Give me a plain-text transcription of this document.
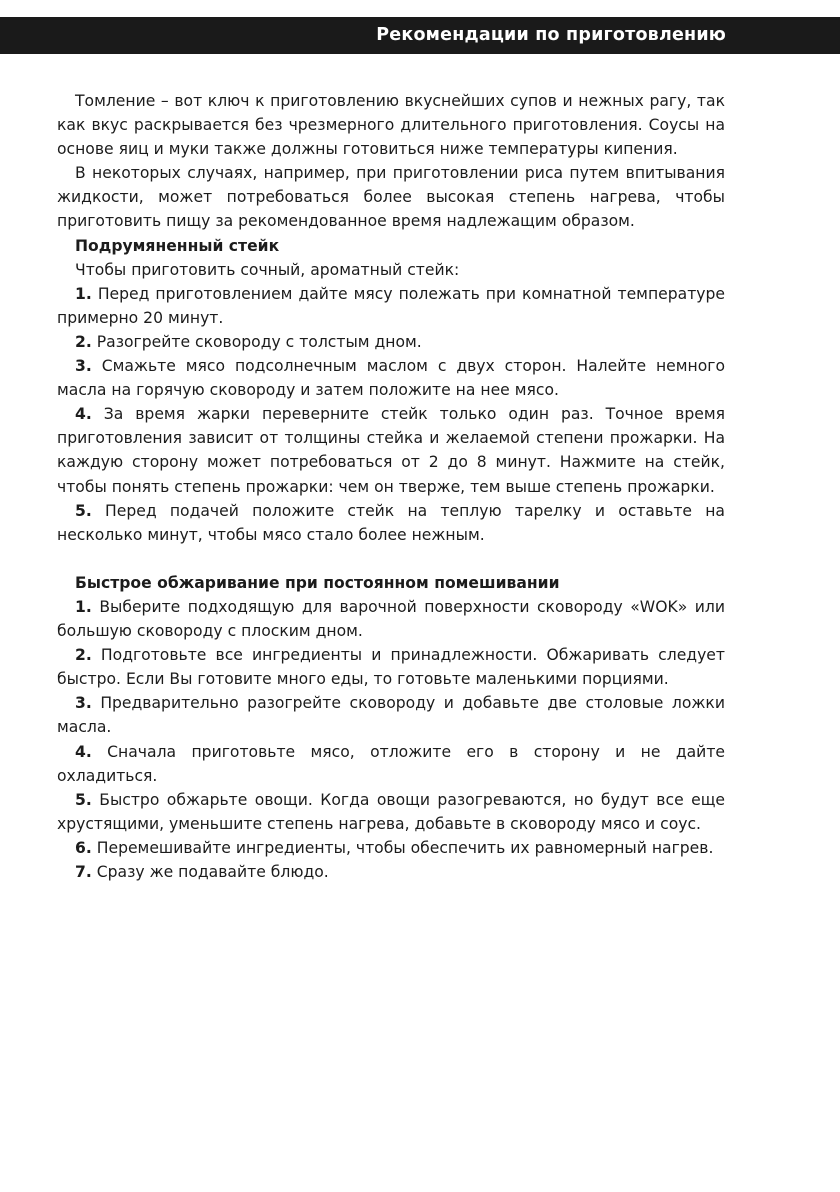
Рекомендации по приготовлению

Томление – вот ключ к приготовлению вкуснейших супов и нежных рагу, так как вкус раскрывается без чрезмерного длительного приготовления. Соусы на основе яиц и муки также должны готовиться ниже температуры кипения.

В некоторых случаях, например, при приготовлении риса путем впитывания жидкости, может потребоваться более высокая степень нагрева, чтобы приготовить пищу за рекомендованное время надлежащим образом.

Подрумяненный стейк

Чтобы приготовить сочный, ароматный стейк:

1. Перед приготовлением дайте мясу полежать при комнатной температуре примерно 20 минут.

2. Разогрейте сковороду с толстым дном.

3. Смажьте мясо подсолнечным маслом с двух сторон. Налейте немного масла на горячую сковороду и затем положите на нее мясо.

4. За время жарки переверните стейк только один раз. Точное время приготовления зависит от толщины стейка и желаемой степени прожарки. На каждую сторону может потребоваться от 2 до 8 минут. Нажмите на стейк, чтобы понять степень прожарки: чем он тверже, тем выше степень прожарки.

5. Перед подачей положите стейк на теплую тарелку и оставьте на несколько минут, чтобы мясо стало более нежным.

Быстрое обжаривание при постоянном помешивании

1. Выберите подходящую для варочной поверхности сковороду «WOK» или большую сковороду с плоским дном.

2. Подготовьте все ингредиенты и принадлежности. Обжаривать следует быстро. Если Вы готовите много еды, то готовьте маленькими порциями.

3. Предварительно разогрейте сковороду и добавьте две столовые ложки масла.

4. Сначала приготовьте мясо, отложите его в сторону и не дайте охладиться.

5. Быстро обжарьте овощи. Когда овощи разогреваются, но будут все еще хрустящими, уменьшите степень нагрева, добавьте в сковороду мясо и соус.

6. Перемешивайте ингредиенты, чтобы обеспечить их равномерный нагрев.

7. Сразу же подавайте блюдо.
